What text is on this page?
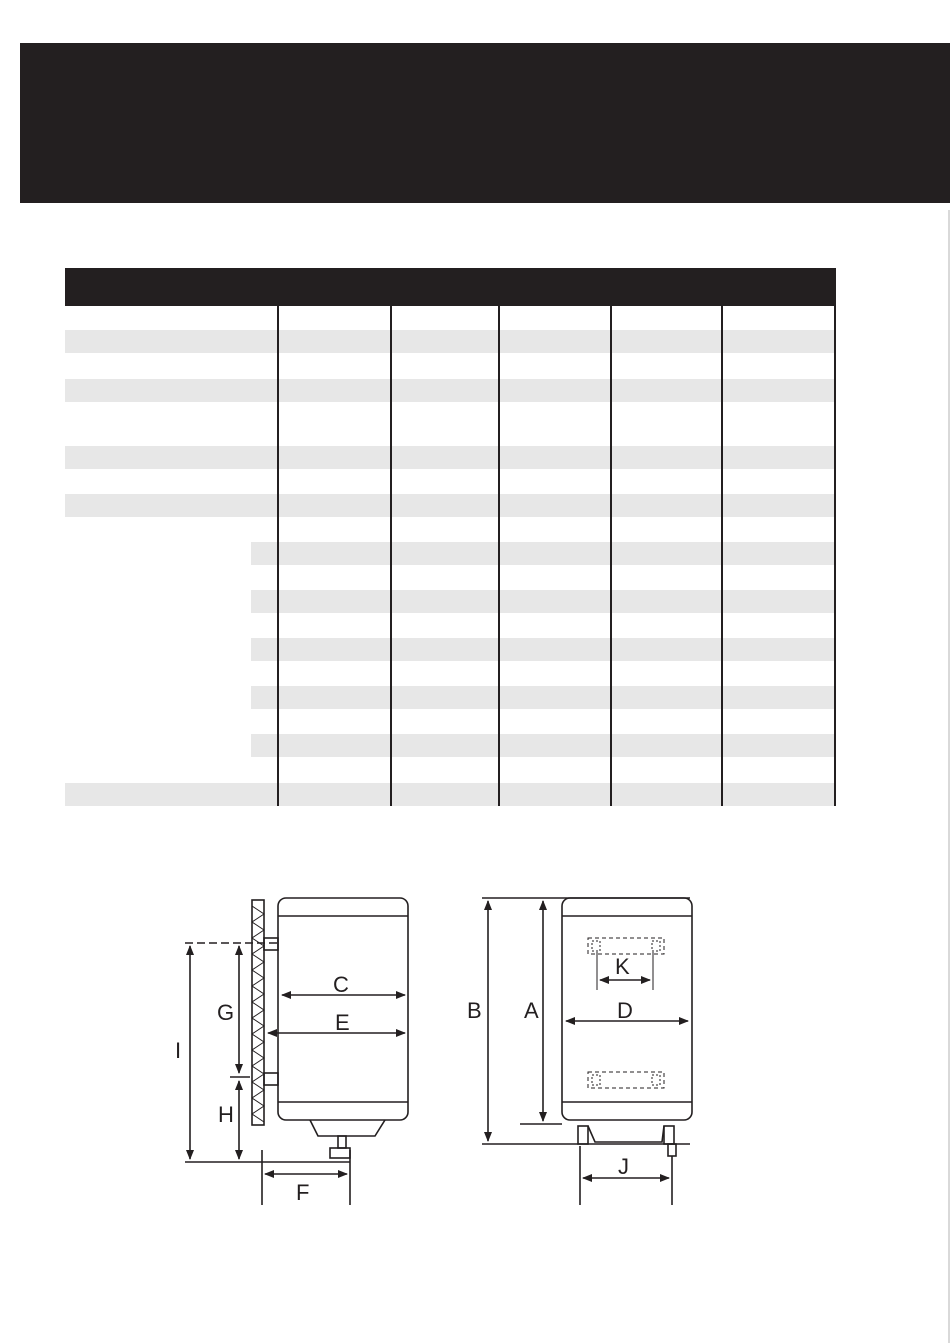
C
E
G
H
I
F
B A
K
D
J
